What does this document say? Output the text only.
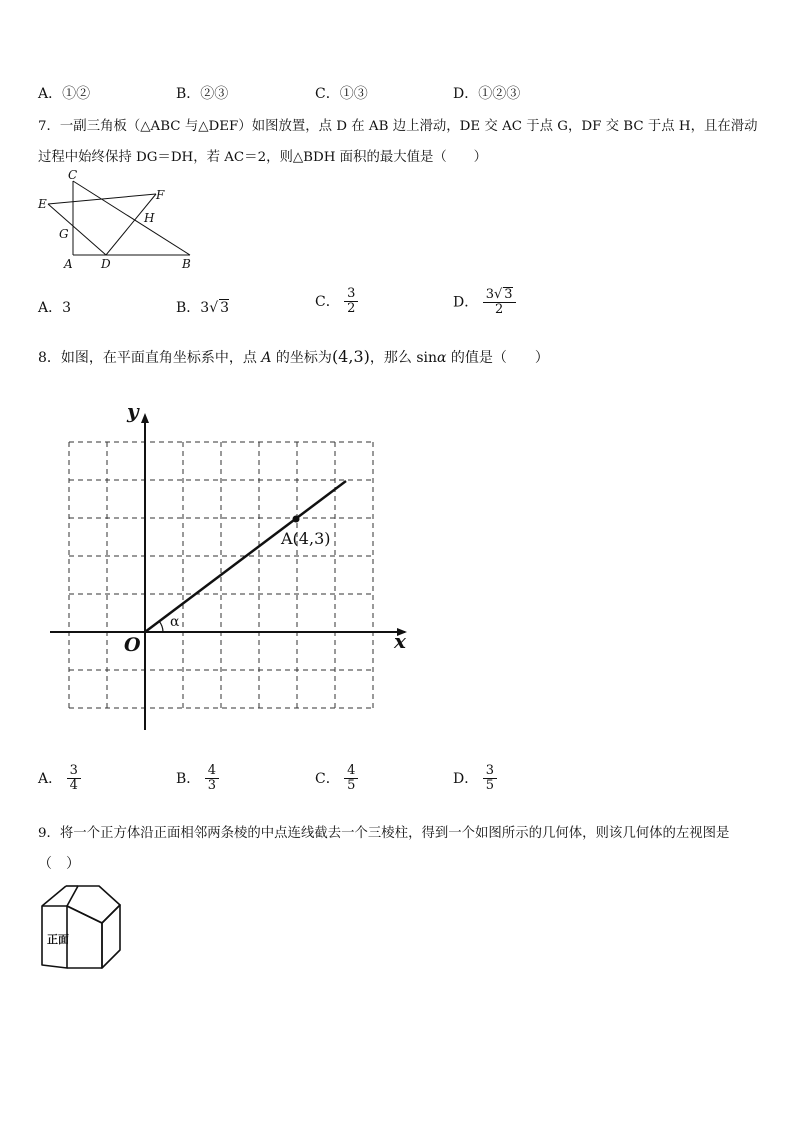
A．①②	B．②③	C．①③	D．①②③
7．一副三角板（△ABC 与△DEF）如图放置，点 D 在 AB 边上滑动，DE 交 AC 于点 G，DF 交 BC 于点 H，且在滑动
过程中始终保持 DG＝DH，若 AC＝2，则△BDH 面积的最大值是（　　）
C
F
E
H
G
A D	B
A．3	B．3√ 3	C． $\frac{3}{2}$	D． $\frac{3√ 3}{2}$
8．如图，在平面直角坐标系中，点 A 的坐标为(4,3)，那么 sinα 的值是（　　）
y
x
O
A(4,3)
α
A． $\frac{3}{4}$	B． $\frac{4}{3}$	C． $\frac{4}{5}$	D． $\frac{3}{5}$
9．将一个正方体沿正面相邻两条棱的中点连线截去一个三棱柱，得到一个如图所示的几何体，则该几何体的左视图是
（　）
正面
